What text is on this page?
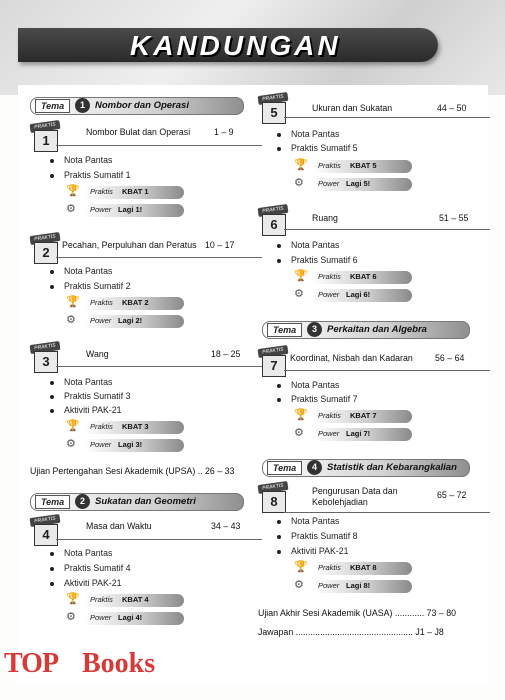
KANDUNGAN
Tema	1	Nombor dan Operasi
PRAKTIS
1
Nombor Bulat dan Operasi	1 – 9
Nota Pantas
Praktis Sumatif 1
🏆 Praktis KBAT 1
⚙ Power Lagi 1!
PRAKTIS
2	Pecahan, Perpuluhan dan Peratus 10 – 17
Nota Pantas
Praktis Sumatif 2
🏆 Praktis KBAT 2
⚙ Power Lagi 2!
PRAKTIS
3	Wang	18 – 25
Nota Pantas
Praktis Sumatif 3
Aktiviti PAK-21
🏆 Praktis KBAT 3
⚙ Power Lagi 3!
Ujian Pertengahan Sesi Akademik (UPSA) .. 26 – 33
Tema	2	Sukatan dan Geometri
PRAKTIS
4
Masa dan Waktu	34 – 43
Nota Pantas
Praktis Sumatif 4
Aktiviti PAK-21
🏆 Praktis KBAT 4
⚙ Power Lagi 4!
PRAKTIS
5	Ukuran dan Sukatan	44 – 50
Nota Pantas
Praktis Sumatif 5
🏆 Praktis KBAT 5
⚙ Power Lagi 5!
PRAKTIS
6	Ruang	51 – 55
Nota Pantas
Praktis Sumatif 6
🏆 Praktis KBAT 6
⚙ Power Lagi 6!
Tema	3	Perkaitan dan Algebra
PRAKTIS
7	Koordinat, Nisbah dan Kadaran	56 – 64
Nota Pantas
Praktis Sumatif 7
🏆 Praktis KBAT 7
⚙ Power Lagi 7!
Tema	4	Statistik dan Kebarangkalian
PRAKTIS
8
Pengurusan Data dan
Kebolehjadian
65 – 72
Nota Pantas
Praktis Sumatif 8
Aktiviti PAK-21
🏆 Praktis KBAT 8
⚙ Power Lagi 8!
Ujian Akhir Sesi Akademik (UASA) ............ 73 – 80
Jawapan ................................................ J1 – J8
TOP Books
